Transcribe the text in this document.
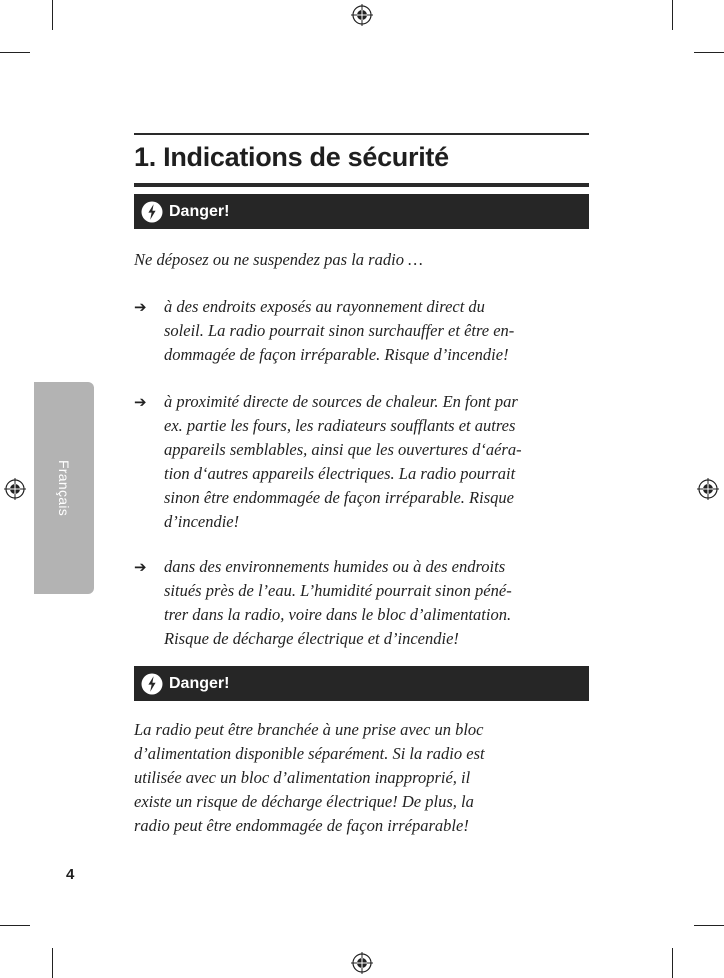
Français
1. Indications de sécurité
Danger!

Ne déposez ou ne suspendez pas la radio …

➔	à des endroits exposés au rayonnement direct du
soleil. La radio pourrait sinon surchauffer et être en-
dommagée de façon irréparable. Risque d’incendie!

➔	à proximité directe de sources de chaleur. En font par
ex. partie les fours, les radiateurs soufflants et autres
appareils semblables, ainsi que les ouvertures d‘aéra-
tion d‘autres appareils électriques. La radio pourrait
sinon être endommagée de façon irréparable. Risque
d’incendie!

➔	dans des environnements humides ou à des endroits
situés près de l’eau. L’humidité pourrait sinon péné-
trer dans la radio, voire dans le bloc d’alimentation.
Risque de décharge électrique et d’incendie!

Danger!

La radio peut être branchée à une prise avec un bloc
d’alimentation disponible séparément. Si la radio est
utilisée avec un bloc d’alimentation inapproprié, il
existe un risque de décharge électrique! De plus, la
radio peut être endommagée de façon irréparable!

4
